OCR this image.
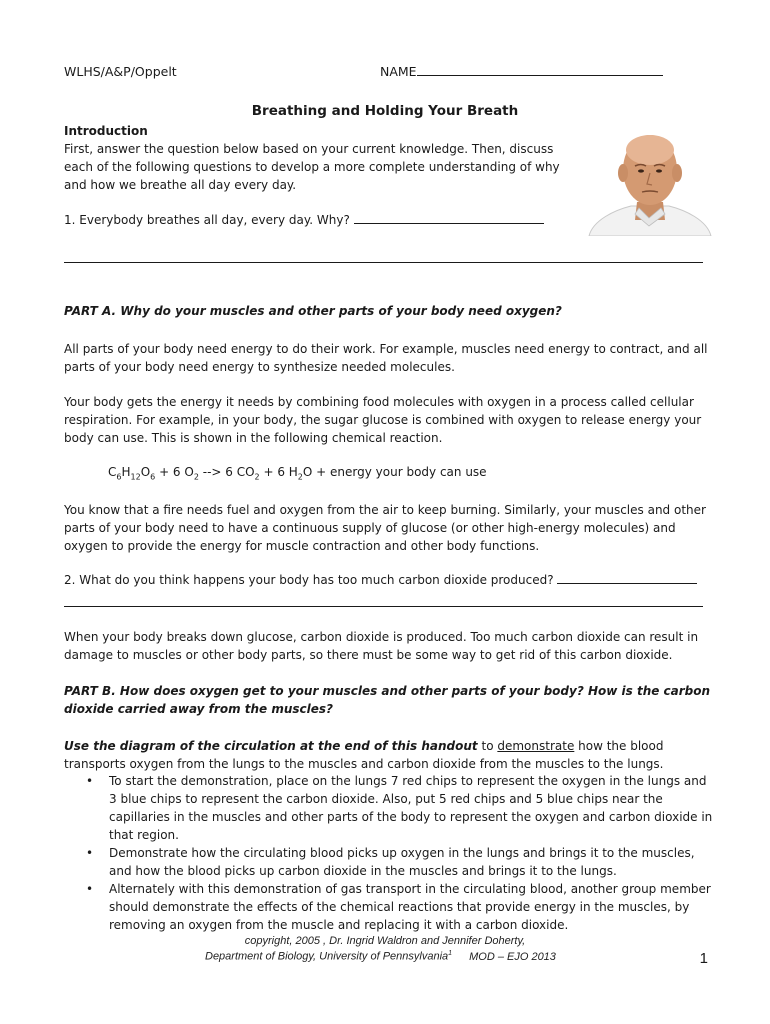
WLHS/A&P/Oppelt	NAME
Breathing and Holding Your Breath
Introduction

First, answer the question below based on your current knowledge. Then, discuss each of the following questions to develop a more complete understanding of why and how we breathe all day every day.

1. Everybody breathes all day, every day. Why?
PART A. Why do your muscles and other parts of your body need oxygen?

All parts of your body need energy to do their work. For example, muscles need energy to contract, and all parts of your body need energy to synthesize needed molecules.

Your body gets the energy it needs by combining food molecules with oxygen in a process called cellular respiration. For example, in your body, the sugar glucose is combined with oxygen to release energy your body can use. This is shown in the following chemical reaction.

$C_6H_{12}O_6 + 6$ $O_2$ --> 6 $CO_2 + 6$ $H_2O$ + energy your body can use

You know that a fire needs fuel and oxygen from the air to keep burning. Similarly, your muscles and other parts of your body need to have a continuous supply of glucose (or other high-energy molecules) and oxygen to provide the energy for muscle contraction and other body functions.

2. What do you think happens your body has too much carbon dioxide produced?

When your body breaks down glucose, carbon dioxide is produced. Too much carbon dioxide can result in damage to muscles or other body parts, so there must be some way to get rid of this carbon dioxide.

PART B. How does oxygen get to your muscles and other parts of your body? How is the carbon dioxide carried away from the muscles?

Use the diagram of the circulation at the end of this handout to demonstrate how the blood transports oxygen from the lungs to the muscles and carbon dioxide from the muscles to the lungs.

• To start the demonstration, place on the lungs 7 red chips to represent the oxygen in the lungs and 3 blue chips to represent the carbon dioxide. Also, put 5 red chips and 5 blue chips near the capillaries in the muscles and other parts of the body to represent the oxygen and carbon dioxide in that region.
• Demonstrate how the circulating blood picks up oxygen in the lungs and brings it to the muscles, and how the blood picks up carbon dioxide in the muscles and brings it to the lungs.
• Alternately with this demonstration of gas transport in the circulating blood, another group member should demonstrate the effects of the chemical reactions that provide energy in the muscles, by removing an oxygen from the muscle and replacing it with a carbon dioxide.
copyright, 2005 , Dr. Ingrid Waldron and Jennifer Doherty,
Department of Biology, University of Pennsylvania$^1$ MOD – EJO 2013	1
